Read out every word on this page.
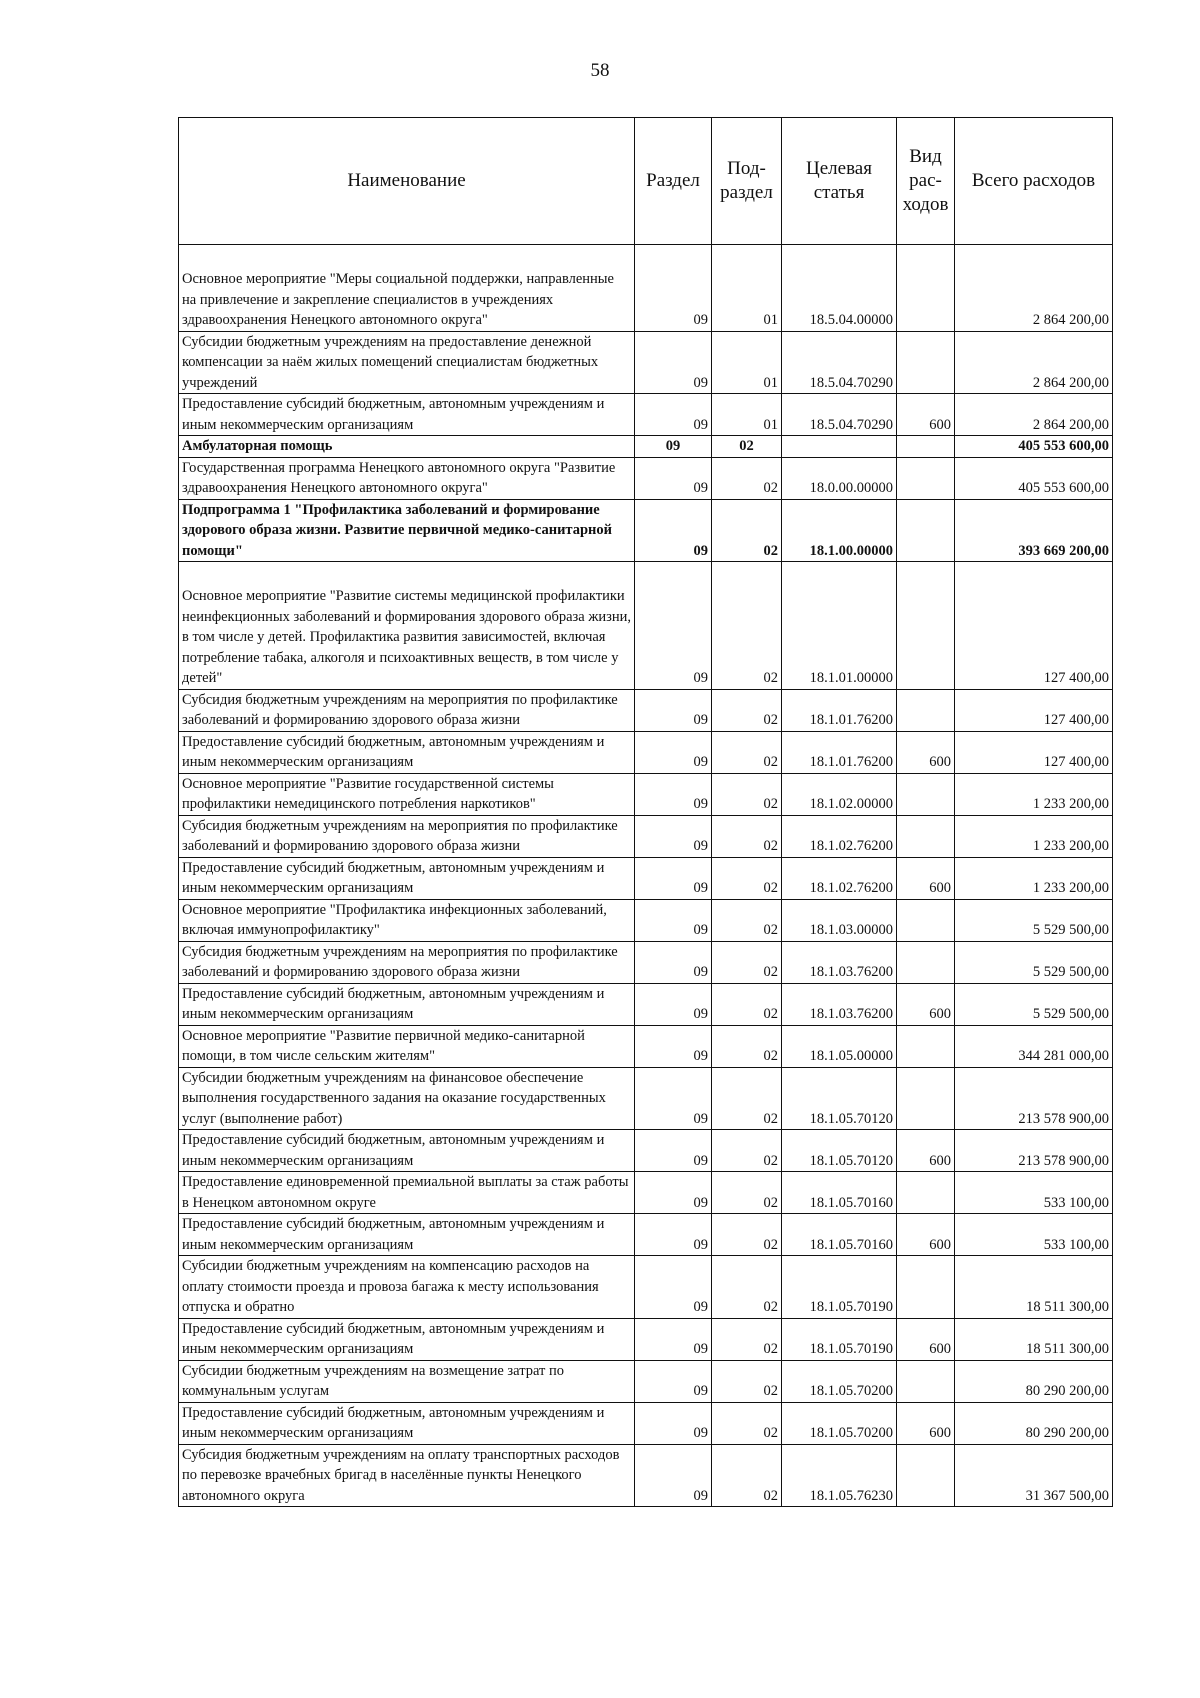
58
Наименование	Раздел	Под-раздел	Целевая статья	Вид рас-ходов	Всего расходов
Основное мероприятие "Меры социальной поддержки, направленные на привлечение и закрепление специалистов в учреждениях здравоохранения Ненецкого автономного округа"	09	01	18.5.04.00000		2 864 200,00
Субсидии бюджетным учреждениям на предоставление денежной компенсации за наём жилых помещений специалистам бюджетных учреждений	09	01	18.5.04.70290		2 864 200,00
Предоставление субсидий бюджетным, автономным учреждениям и иным некоммерческим организациям	09	01	18.5.04.70290	600	2 864 200,00
Амбулаторная помощь	09	02			405 553 600,00
Государственная программа Ненецкого автономного округа "Развитие здравоохранения Ненецкого автономного округа"	09	02	18.0.00.00000		405 553 600,00
Подпрограмма 1 "Профилактика заболеваний и формирование здорового образа жизни. Развитие первичной медико-санитарной помощи"	09	02	18.1.00.00000		393 669 200,00
Основное мероприятие "Развитие системы медицинской профилактики неинфекционных заболеваний и формирования здорового образа жизни, в том числе у детей. Профилактика развития зависимостей, включая потребление табака, алкоголя и психоактивных веществ, в том числе у детей"	09	02	18.1.01.00000		127 400,00
Субсидия бюджетным учреждениям на мероприятия по профилактике заболеваний и формированию здорового образа жизни	09	02	18.1.01.76200		127 400,00
Предоставление субсидий бюджетным, автономным учреждениям и иным некоммерческим организациям	09	02	18.1.01.76200	600	127 400,00
Основное мероприятие "Развитие государственной системы профилактики немедицинского потребления наркотиков"	09	02	18.1.02.00000		1 233 200,00
Субсидия бюджетным учреждениям на мероприятия по профилактике заболеваний и формированию здорового образа жизни	09	02	18.1.02.76200		1 233 200,00
Предоставление субсидий бюджетным, автономным учреждениям и иным некоммерческим организациям	09	02	18.1.02.76200	600	1 233 200,00
Основное мероприятие "Профилактика инфекционных заболеваний, включая иммунопрофилактику"	09	02	18.1.03.00000		5 529 500,00
Субсидия бюджетным учреждениям на мероприятия по профилактике заболеваний и формированию здорового образа жизни	09	02	18.1.03.76200		5 529 500,00
Предоставление субсидий бюджетным, автономным учреждениям и иным некоммерческим организациям	09	02	18.1.03.76200	600	5 529 500,00
Основное мероприятие "Развитие первичной медико-санитарной помощи, в том числе сельским жителям"	09	02	18.1.05.00000		344 281 000,00
Субсидии бюджетным учреждениям на финансовое обеспечение выполнения государственного задания на оказание государственных услуг (выполнение работ)	09	02	18.1.05.70120		213 578 900,00
Предоставление субсидий бюджетным, автономным учреждениям и иным некоммерческим организациям	09	02	18.1.05.70120	600	213 578 900,00
Предоставление единовременной премиальной выплаты за стаж работы в Ненецком автономном округе	09	02	18.1.05.70160		533 100,00
Предоставление субсидий бюджетным, автономным учреждениям и иным некоммерческим организациям	09	02	18.1.05.70160	600	533 100,00
Субсидии бюджетным учреждениям на компенсацию расходов на оплату стоимости проезда и провоза багажа к месту использования отпуска и обратно	09	02	18.1.05.70190		18 511 300,00
Предоставление субсидий бюджетным, автономным учреждениям и иным некоммерческим организациям	09	02	18.1.05.70190	600	18 511 300,00
Субсидии бюджетным учреждениям на возмещение затрат по коммунальным услугам	09	02	18.1.05.70200		80 290 200,00
Предоставление субсидий бюджетным, автономным учреждениям и иным некоммерческим организациям	09	02	18.1.05.70200	600	80 290 200,00
Субсидия бюджетным учреждениям на оплату транспортных расходов по перевозке врачебных бригад в населённые пункты Ненецкого автономного округа	09	02	18.1.05.76230		31 367 500,00
